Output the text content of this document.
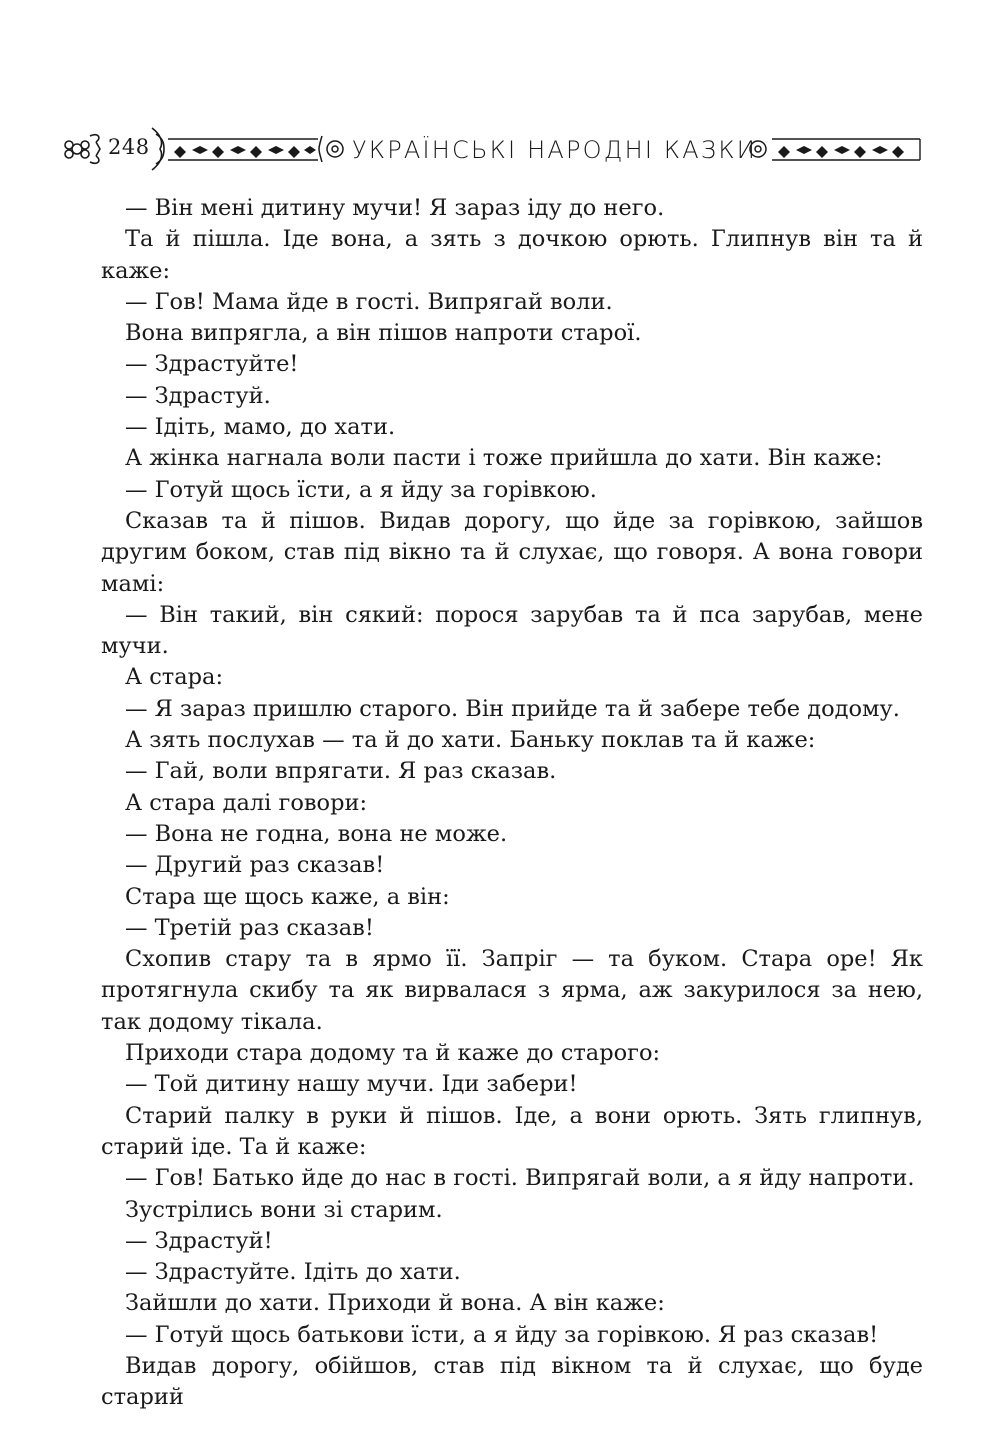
248	УКРАЇНСЬКІ НАРОДНІ КАЗКИ

— Він мені дитину мучи! Я зараз іду до него.

Та й пішла. Іде вона, а зять з дочкою орють. Глипнув він та й каже:

— Гов! Мама йде в гості. Випрягай воли.

Вона випрягла, а він пішов напроти старої.

— Здрастуйте!

— Здрастуй.

— Ідіть, мамо, до хати.

А жінка нагнала воли пасти і тоже прийшла до хати. Він каже:

— Готуй щось їсти, а я йду за горівкою.

Сказав та й пішов. Видав дорогу, що йде за горівкою, зайшов другим боком, став під вікно та й слухає, що говоря. А вона говори мамі:

— Він такий, він сякий: порося зарубав та й пса зарубав, мене мучи.

А стара:

— Я зараз пришлю старого. Він прийде та й забере тебе додому.

А зять послухав — та й до хати. Баньку поклав та й каже:

— Гай, воли впрягати. Я раз сказав.

А стара далі говори:

— Вона не годна, вона не може.

— Другий раз сказав!

Стара ще щось каже, а він:

— Третій раз сказав!

Схопив стару та в ярмо її. Запріг — та буком. Стара оре! Як протягнула скибу та як вирвалася з ярма, аж закурилося за нею, так додому тікала.

Приходи стара додому та й каже до старого:

— Той дитину нашу мучи. Іди забери!

Старий палку в руки й пішов. Іде, а вони орють. Зять глипнув, старий іде. Та й каже:

— Гов! Батько йде до нас в гості. Випрягай воли, а я йду напроти.

Зустрілись вони зі старим.

— Здрастуй!

— Здрастуйте. Ідіть до хати.

Зайшли до хати. Приходи й вона. А він каже:

— Готуй щось батькови їсти, а я йду за горівкою. Я раз сказав!

Видав дорогу, обійшов, став під вікном та й слухає, що буде старий
